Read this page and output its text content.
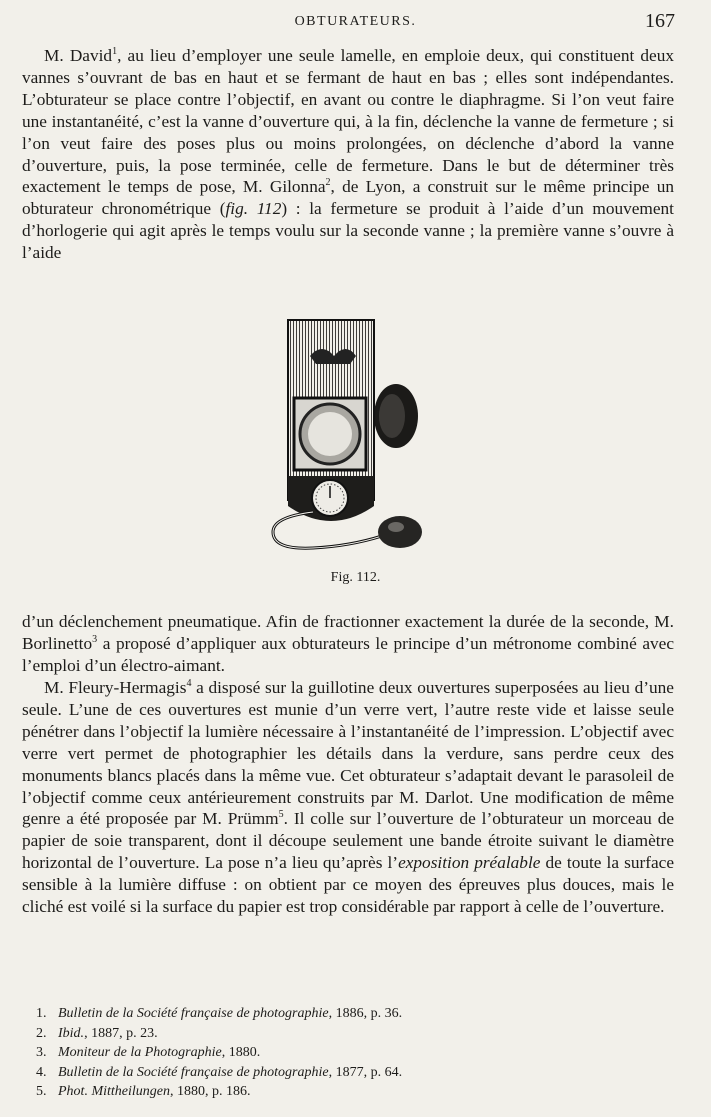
OBTURATEURS.	167

M. David$^1$, au lieu d’employer une seule lamelle, en emploie deux, qui constituent deux vannes s’ouvrant de bas en haut et se fermant de haut en bas ; elles sont indépendantes. L’obturateur se place contre l’objectif, en avant ou contre le diaphragme. Si l’on veut faire une instantanéité, c’est la vanne d’ouverture qui, à la fin, déclenche la vanne de fermeture ; si l’on veut faire des poses plus ou moins prolongées, on déclenche d’abord la vanne d’ouverture, puis, la pose terminée, celle de fermeture. Dans le but de déterminer très exactement le temps de pose, M. Gilonna$^2$, de Lyon, a construit sur le même principe un obturateur chronométrique (fig. 112) : la fermeture se produit à l’aide d’un mouvement d’horlogerie qui agit après le temps voulu sur la seconde vanne ; la première vanne s’ouvre à l’aide

Fig. 112.

d’un déclenchement pneumatique. Afin de fractionner exactement la durée de la seconde, M. Borlinetto$^3$ a proposé d’appliquer aux obturateurs le principe d’un métronome combiné avec l’emploi d’un électro-aimant.

M. Fleury-Hermagis$^4$ a disposé sur la guillotine deux ouvertures superposées au lieu d’une seule. L’une de ces ouvertures est munie d’un verre vert, l’autre reste vide et laisse seule pénétrer dans l’objectif la lumière nécessaire à l’instantanéité de l’impression. L’objectif avec verre vert permet de photographier les détails dans la verdure, sans perdre ceux des monuments blancs placés dans la même vue. Cet obturateur s’adaptait devant le parasoleil de l’objectif comme ceux antérieurement construits par M. Darlot. Une modification de même genre a été proposée par M. Prümm$^5$. Il colle sur l’ouverture de l’obturateur un morceau de papier de soie transparent, dont il découpe seulement une bande étroite suivant le diamètre horizontal de l’ouverture. La pose n’a lieu qu’après l’exposition préalable de toute la surface sensible à la lumière diffuse : on obtient par ce moyen des épreuves plus douces, mais le cliché est voilé si la surface du papier est trop considérable par rapport à celle de l’ouverture.

1. Bulletin de la Société française de photographie, 1886, p. 36.
2. Ibid., 1887, p. 23.
3. Moniteur de la Photographie, 1880.
4. Bulletin de la Société française de photographie, 1877, p. 64.
5. Phot. Mittheilungen, 1880, p. 186.
